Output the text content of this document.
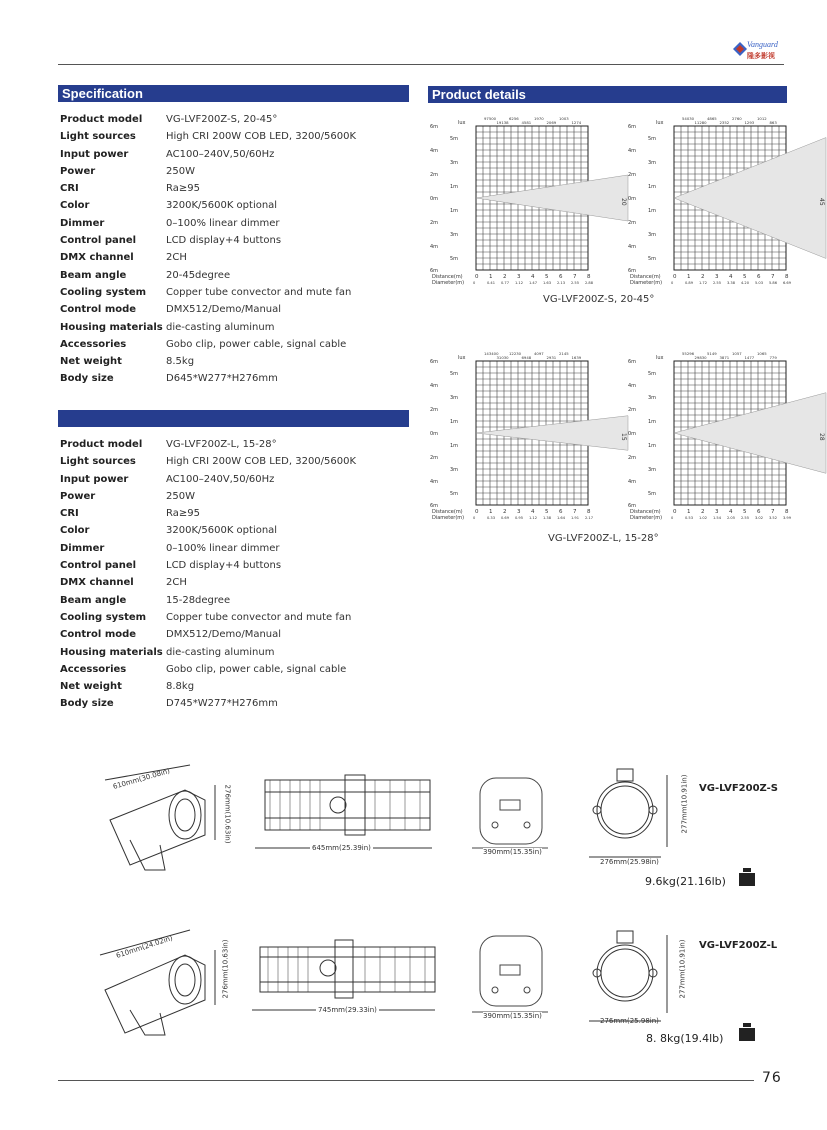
Vanguard
隆多影视
Specification	Product details
Product model VG-LVF200Z-S, 20-45°
Light sources	High CRI 200W COB LED, 3200/5600K
Input power	AC100–240V,50/60Hz
Power	250W
CRI	Ra≥95
Color	3200K/5600K optional
Dimmer	0–100% linear dimmer
Control panel	LCD display+4 buttons
DMX channel	2CH
Beam angle	20-45degree
Cooling system Copper tube convector and mute fan
Control mode	DMX512/Demo/Manual
Housing materials die-casting aluminum
Accessories	Gobo clip, power cable, signal cable
Net weight	8.5kg
Body size	D645*W277*H276mm
Product model VG-LVF200Z-L, 15-28°
Light sources	High CRI 200W COB LED, 3200/5600K
Input power	AC100–240V,50/60Hz
Power	250W
CRI	Ra≥95
Color	3200K/5600K optional
Dimmer	0–100% linear dimmer
Control panel	LCD display+4 buttons
DMX channel	2CH
Beam angle	15-28degree
Cooling system Copper tube convector and mute fan
Control mode	DMX512/Demo/Manual
Housing materials die-casting aluminum
Accessories	Gobo clip, power cable, signal cable
Net weight	8.8kg
Body size	D745*W277*H276mm
6m
5m
4m
3m
2m
1m
0m
1m
2m
3m
4m
5m
6m
lux
97500
19138
6256
4581
1970
2069
1003
1274
20
Distance(m)
Diameter(m)
0 1 2 3 4 5 6 7 8
0	0.41 0.77 1.12 1.47 1.63 2.13 2.55 2.88
6m
5m
4m
3m
2m
1m
0m
1m
2m
3m
4m
5m
6m
lux
54030
11280
4865
2352
2760
1293
1012
863
45
Distance(m)
Diameter(m)
0 1 2 3 4 5 6 7 8
0	0.89 1.72 2.55 3.38 4.20 5.03 5.86 6.69
6m
5m
4m
3m
2m
1m
0m
1m
2m
3m
4m
5m
6m
lux
143400
31030
12230
6948
4097
2931
2145
1639
15
Distance(m)
Diameter(m)
0 1 2 3 4 5 6 7 8
0	0.33 0.69 0.95 1.12 1.38 1.64 1.91 2.17
6m
5m
4m
3m
2m
1m
0m
1m
2m
3m
4m
5m
6m
lux
55296
29830
5149
3871
1057
1477
1065
779
28
Distance(m)
Diameter(m)
0 1 2 3 4 5 6 7 8
0	0.53 1.02 1.54 2.05 2.55 3.02 3.52 3.99
VG-LVF200Z-S, 20-45°
VG-LVF200Z-L, 15-28°
610mm(30.08in)
276mm(10.63in)
645mm(25.39in)	390mm(15.35in)
277mm(10.91in)
276mm(25.98in)
VG-LVF200Z-S
9.6kg(21.16lb)
610mm(24.02in)	276mm(10.63in)
745mm(29.33in)
390mm(15.35in)
277mm(10.91in)
276mm(25.98in)
VG-LVF200Z-L
8. 8kg(19.4lb)
76
